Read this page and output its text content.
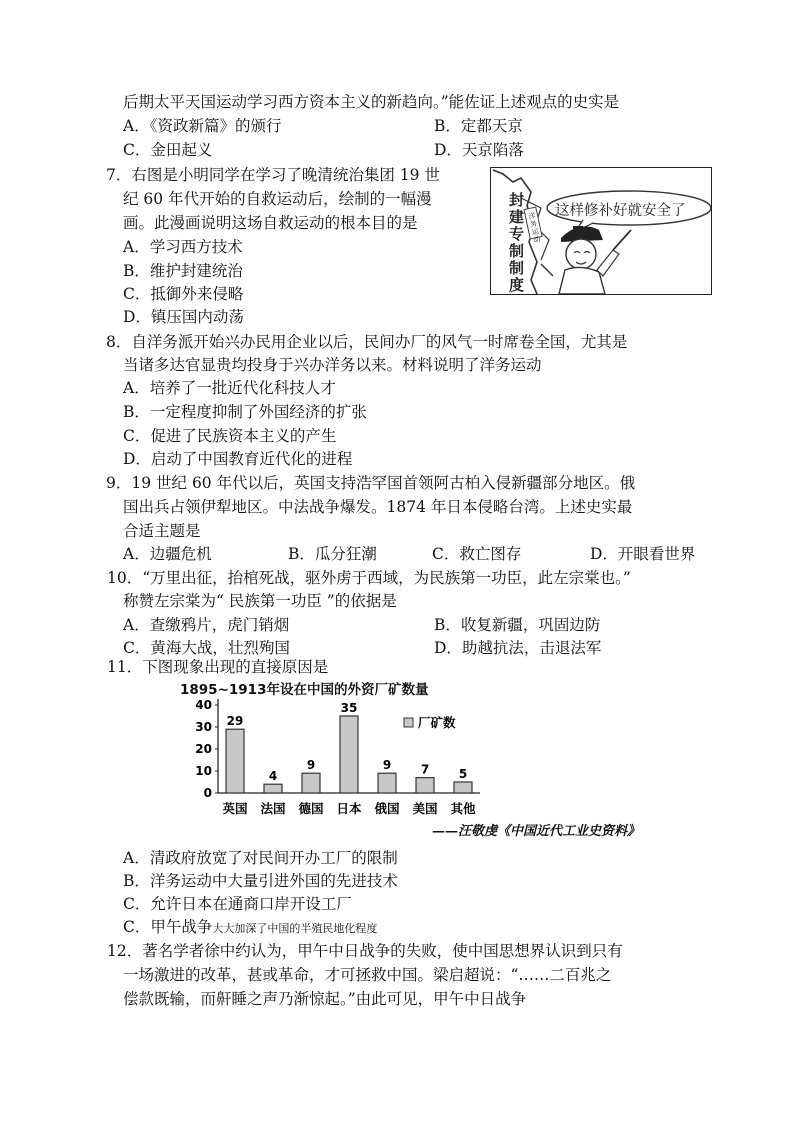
后期太平天国运动学习西方资本主义的新趋向。”能佐证上述观点的史实是
A．《资政新篇》的颁行	B．定都天京
C．金田起义	D．天京陷落
7．右图是小明同学在学习了晚清统治集团 19 世
纪 60 年代开始的自救运动后，绘制的一幅漫
画。此漫画说明这场自救运动的根本目的是
A．学习西方技术
B．维护封建统治
C．抵御外来侵略
D．镇压国内动荡
封建专制制度
这样修补好就安全了
洋务运动
8．自洋务派开始兴办民用企业以后，民间办厂的风气一时席卷全国，尤其是
当诸多达官显贵均投身于兴办洋务以来。材料说明了洋务运动
A．培养了一批近代化科技人才
B．一定程度抑制了外国经济的扩张
C．促进了民族资本主义的产生
D．启动了中国教育近代化的进程
9．19 世纪 60 年代以后，英国支持浩罕国首领阿古柏入侵新疆部分地区。俄
国出兵占领伊犁地区。中法战争爆发。1874 年日本侵略台湾。上述史实最
合适主题是
A．边疆危机	B．瓜分狂潮	C．救亡图存	D．开眼看世界
10．“万里出征，抬棺死战，驱外虏于西域，为民族第一功臣，此左宗棠也。”
称赞左宗棠为“ 民族第一功臣 ”的依据是
A．查缴鸦片，虎门销烟	B．收复新疆，巩固边防
C．黄海大战，壮烈殉国	D．助越抗法，击退法军
11．下图现象出现的直接原因是
1895~1913年设在中国的外资厂矿数量
0
10
20
30
40
29
英国
4
法国
9
德国
35
日本
9
俄国
7
美国
5
其他
厂矿数
——汪敬虔《中国近代工业史资料》
A．清政府放宽了对民间开办工厂的限制
B．洋务运动中大量引进外国的先进技术
C．允许日本在通商口岸开设工厂
C．甲午战争大大加深了中国的半殖民地化程度
12．著名学者徐中约认为，甲午中日战争的失败，使中国思想界认识到只有
一场激进的改革，甚或革命，才可拯救中国。梁启超说：“……二百兆之
偿款既输，而鼾睡之声乃渐惊起。”由此可见，甲午中日战争
